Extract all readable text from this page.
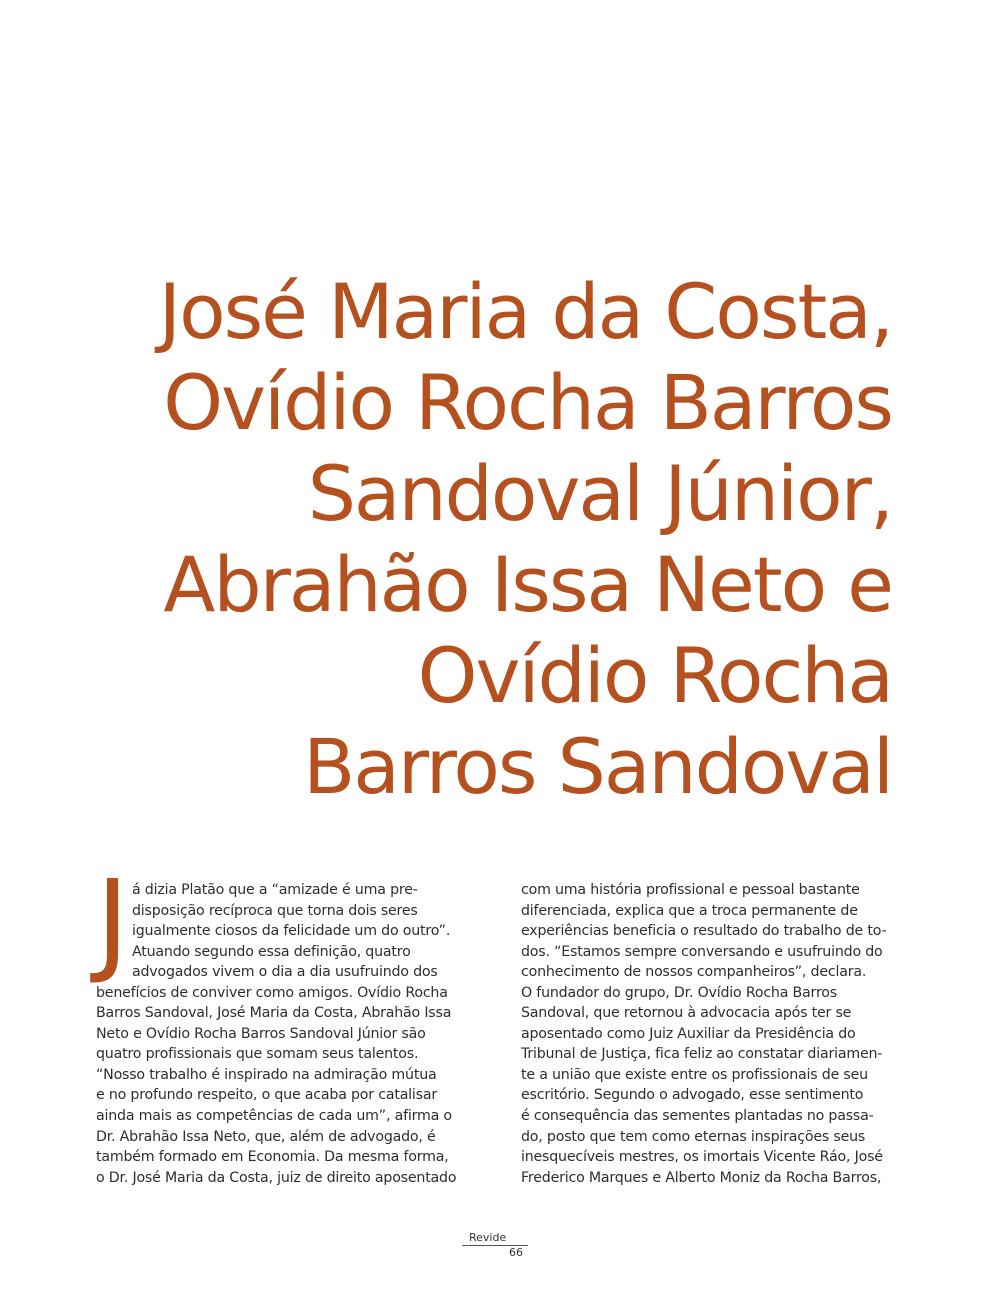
José Maria da Costa,
Ovídio Rocha Barros
Sandoval Júnior,
Abrahão Issa Neto e
Ovídio Rocha
Barros Sandoval
J á dizia Platão que a “amizade é uma pre-
disposição recíproca que torna dois seres
igualmente ciosos da felicidade um do outro”.
Atuando segundo essa definição, quatro
advogados vivem o dia a dia usufruindo dos
benefícios de conviver como amigos. Ovídio Rocha
Barros Sandoval, José Maria da Costa, Abrahão Issa
Neto e Ovídio Rocha Barros Sandoval Júnior são
quatro profissionais que somam seus talentos.
“Nosso trabalho é inspirado na admiração mútua
e no profundo respeito, o que acaba por catalisar
ainda mais as competências de cada um”, afirma o
Dr. Abrahão Issa Neto, que, além de advogado, é
também formado em Economia. Da mesma forma,
o Dr. José Maria da Costa, juiz de direito aposentado
com uma história profissional e pessoal bastante
diferenciada, explica que a troca permanente de
experiências beneficia o resultado do trabalho de to-
dos. “Estamos sempre conversando e usufruindo do
conhecimento de nossos companheiros”, declara.
O fundador do grupo, Dr. Ovídio Rocha Barros
Sandoval, que retornou à advocacia após ter se
aposentado como Juiz Auxiliar da Presidência do
Tribunal de Justiça, fica feliz ao constatar diariamen-
te a união que existe entre os profissionais de seu
escritório. Segundo o advogado, esse sentimento
é consequência das sementes plantadas no passa-
do, posto que tem como eternas inspirações seus
inesquecíveis mestres, os imortais Vicente Ráo, José
Frederico Marques e Alberto Moniz da Rocha Barros,
Revide
66
